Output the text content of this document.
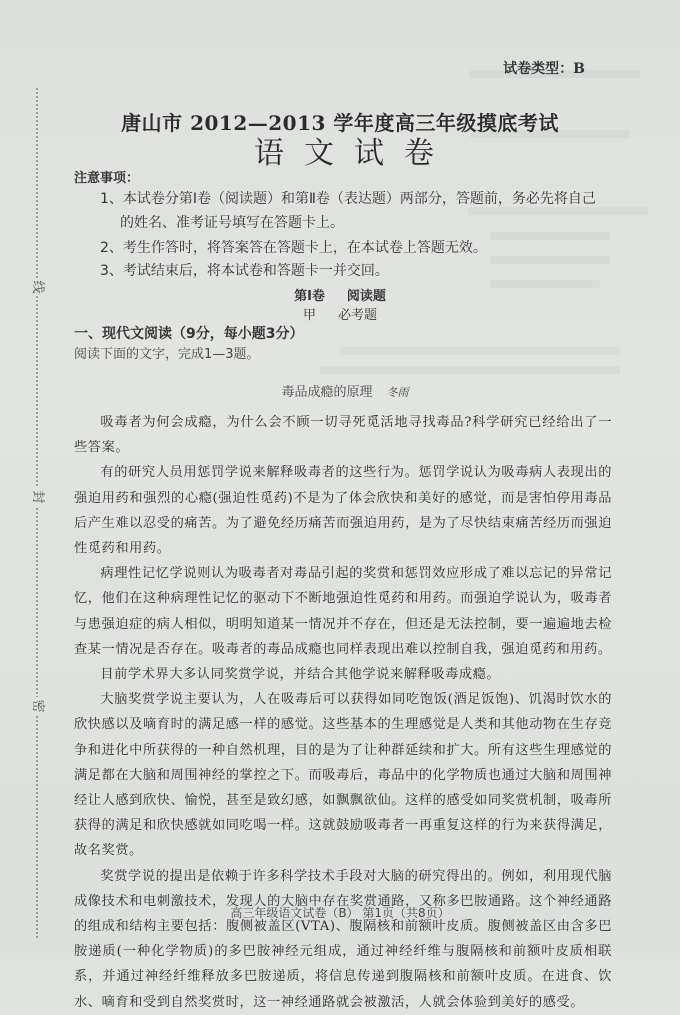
线
封
密
试卷类型：B
唐山市 2012—2013 学年度高三年级摸底考试
语文试卷
注意事项：
1、本试卷分第Ⅰ卷（阅读题）和第Ⅱ卷（表达题）两部分，答题前，务必先将自己
的姓名、准考证号填写在答题卡上。
2、考生作答时，将答案答在答题卡上，在本试卷上答题无效。
3、考试结束后，将本试卷和答题卡一并交回。
第Ⅰ卷 阅读题
甲 必考题
一、现代文阅读（9分，每小题3分）
阅读下面的文字，完成1—3题。
毒品成瘾的原理 冬雨

吸毒者为何会成瘾，为什么会不顾一切寻死觅活地寻找毒品?科学研究已经给出了一些答案。

有的研究人员用惩罚学说来解释吸毒者的这些行为。惩罚学说认为吸毒病人表现出的强迫用药和强烈的心瘾(强迫性觅药)不是为了体会欣快和美好的感觉，而是害怕停用毒品后产生难以忍受的痛苦。为了避免经历痛苦而强迫用药，是为了尽快结束痛苦经历而强迫性觅药和用药。

病理性记忆学说则认为吸毒者对毒品引起的奖赏和惩罚效应形成了难以忘记的异常记忆，他们在这种病理性记忆的驱动下不断地强迫性觅药和用药。而强迫学说认为，吸毒者与患强迫症的病人相似，明明知道某一情况并不存在，但还是无法控制，要一遍遍地去检查某一情况是否存在。吸毒者的毒品成瘾也同样表现出难以控制自我，强迫觅药和用药。

目前学术界大多认同奖赏学说，并结合其他学说来解释吸毒成瘾。

大脑奖赏学说主要认为，人在吸毒后可以获得如同吃饱饭(酒足饭饱)、饥渴时饮水的欣快感以及嘀育时的满足感一样的感觉。这些基本的生理感觉是人类和其他动物在生存竞争和进化中所获得的一种自然机理，目的是为了让种群延续和扩大。所有这些生理感觉的满足都在大脑和周围神经的掌控之下。而吸毒后，毒品中的化学物质也通过大脑和周围神经让人感到欣快、愉悦，甚至是致幻感，如飘飘欲仙。这样的感受如同奖赏机制，吸毒所获得的满足和欣快感就如同吃喝一样。这就鼓励吸毒者一再重复这样的行为来获得满足，故名奖赏。

奖赏学说的提出是依赖于许多科学技术手段对大脑的研究得出的。例如，利用现代脑成像技术和电刺激技术，发现人的大脑中存在奖赏通路，又称多巴胺通路。这个神经通路的组成和结构主要包括：腹侧被盖区(VTA)、腹隔核和前额叶皮质。腹侧被盖区由含多巴胺递质(一种化学物质)的多巴胺神经元组成，通过神经纤维与腹隔核和前额叶皮质相联系，并通过神经纤维释放多巴胺递质，将信息传递到腹隔核和前额叶皮质。在进食、饮水、嘀育和受到自然奖赏时，这一神经通路就会被激活，人就会体验到美好的感受。

高三年级语文试卷（B） 第1页（共8页）
